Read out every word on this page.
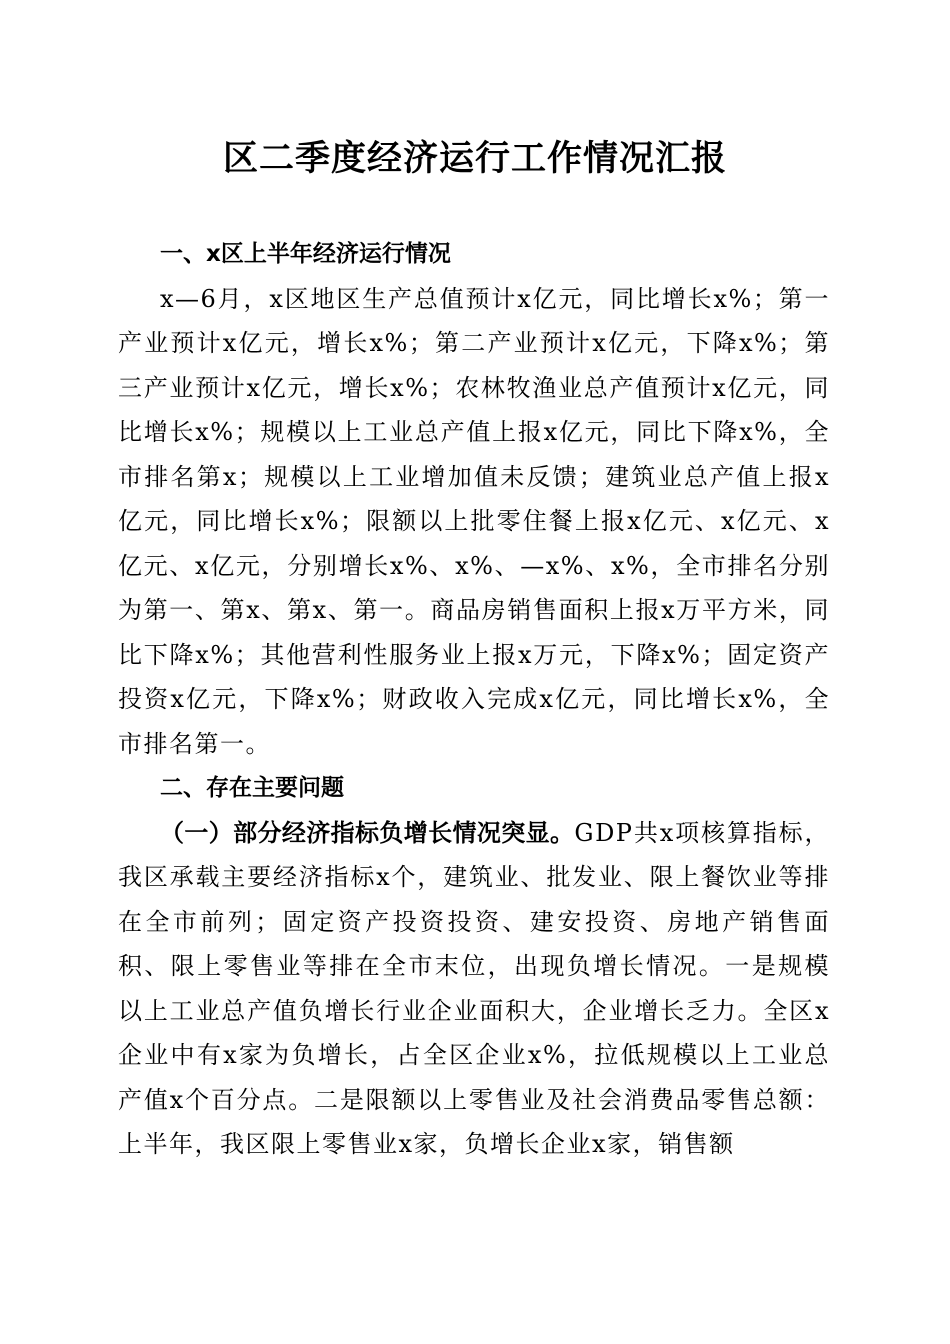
区二季度经济运行工作情况汇报

一、x区上半年经济运行情况

x—6月，x区地区生产总值预计x亿元，同比增长x%；第一产业预计x亿元，增长x%；第二产业预计x亿元，下降x%；第三产业预计x亿元，增长x%；农林牧渔业总产值预计x亿元，同比增长x%；规模以上工业总产值上报x亿元，同比下降x%，全市排名第x；规模以上工业增加值未反馈；建筑业总产值上报x亿元，同比增长x%；限额以上批零住餐上报x亿元、x亿元、x亿元、x亿元，分别增长x%、x%、—x%、x%，全市排名分别为第一、第x、第x、第一。商品房销售面积上报x万平方米，同比下降x%；其他营利性服务业上报x万元，下降x%；固定资产投资x亿元，下降x%；财政收入完成x亿元，同比增长x%，全市排名第一。

二、存在主要问题

（一）部分经济指标负增长情况突显。GDP共x项核算指标，我区承载主要经济指标x个，建筑业、批发业、限上餐饮业等排在全市前列；固定资产投资投资、建安投资、房地产销售面积、限上零售业等排在全市末位，出现负增长情况。一是规模以上工业总产值负增长行业企业面积大，企业增长乏力。全区x企业中有x家为负增长，占全区企业x%，拉低规模以上工业总产值x个百分点。二是限额以上零售业及社会消费品零售总额：上半年，我区限上零售业x家，负增长企业x家，销售额
